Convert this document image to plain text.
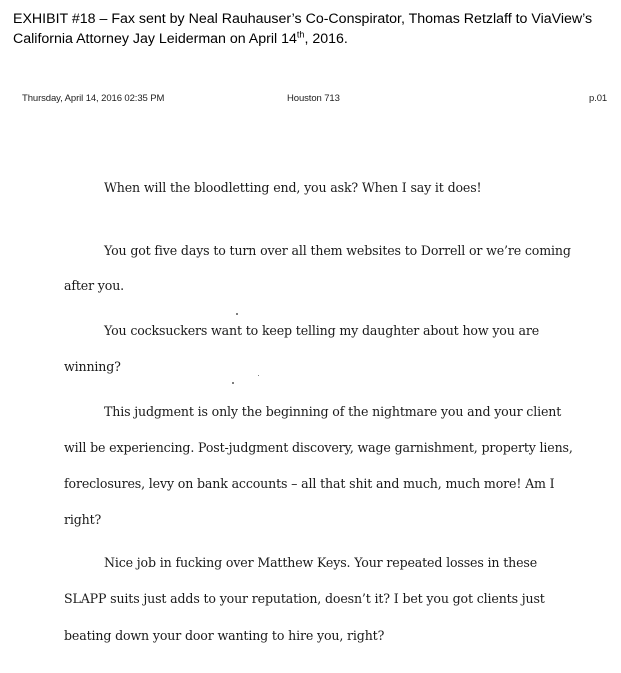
EXHIBIT #18 – Fax sent by Neal Rauhauser’s Co-Conspirator, Thomas Retzlaff to ViaView’s California Attorney Jay Leiderman on April 14th, 2016.
Thursday, April 14, 2016 02:35 PM	Houston 713	p.01
When will the bloodletting end, you ask? When I say it does!
You got five days to turn over all them websites to Dorrell or we’re coming
after you.
You cocksuckers want to keep telling my daughter about how you are
winning?
This judgment is only the beginning of the nightmare you and your client
will be experiencing. Post-judgment discovery, wage garnishment, property liens,
foreclosures, levy on bank accounts – all that shit and much, much more! Am I
right?
Nice job in fucking over Matthew Keys. Your repeated losses in these
SLAPP suits just adds to your reputation, doesn’t it? I bet you got clients just
beating down your door wanting to hire you, right?
